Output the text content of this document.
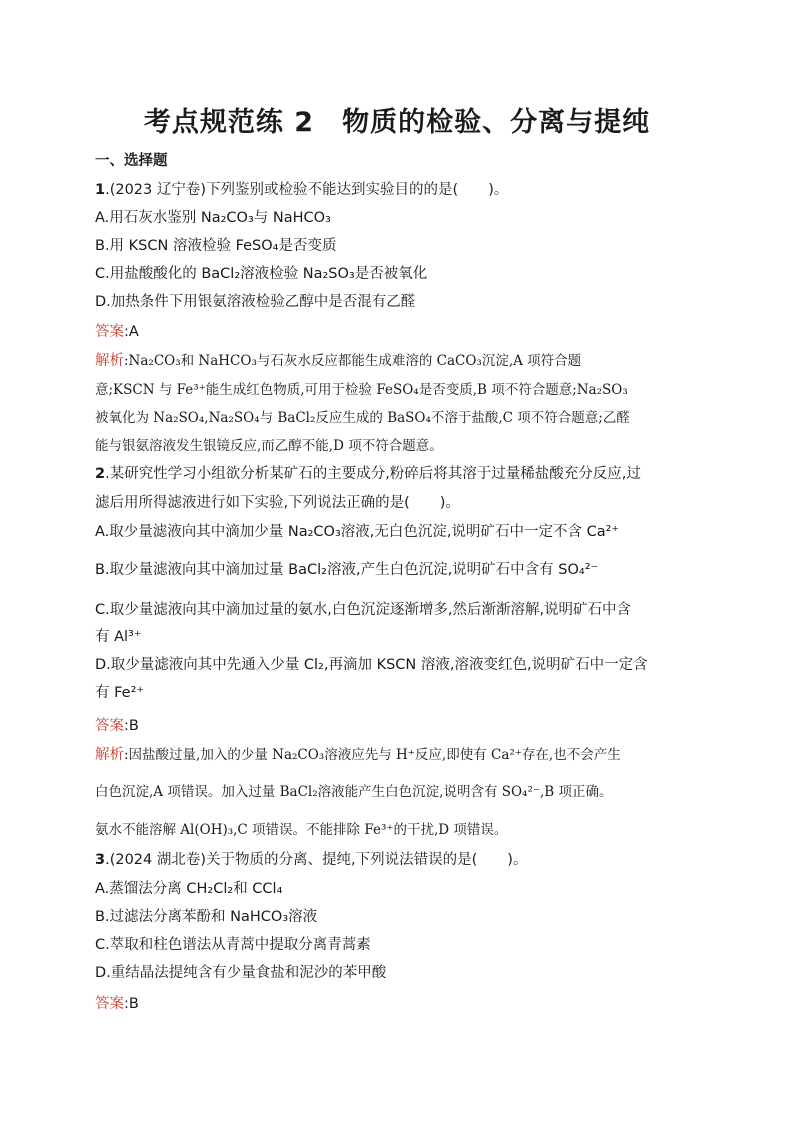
考点规范练 2 物质的检验、分离与提纯
一、选择题
1.(2023 辽宁卷)下列鉴别或检验不能达到实验目的的是( )。
A.用石灰水鉴别 Na₂CO₃与 NaHCO₃
B.用 KSCN 溶液检验 FeSO₄是否变质
C.用盐酸酸化的 BaCl₂溶液检验 Na₂SO₃是否被氧化
D.加热条件下用银氨溶液检验乙醇中是否混有乙醛
答案:A
解析:Na₂CO₃和 NaHCO₃与石灰水反应都能生成难溶的 CaCO₃沉淀,A 项符合题
意;KSCN 与 Fe³⁺能生成红色物质,可用于检验 FeSO₄是否变质,B 项不符合题意;Na₂SO₃
被氧化为 Na₂SO₄,Na₂SO₄与 BaCl₂反应生成的 BaSO₄不溶于盐酸,C 项不符合题意;乙醛
能与银氨溶液发生银镜反应,而乙醇不能,D 项不符合题意。
2.某研究性学习小组欲分析某矿石的主要成分,粉碎后将其溶于过量稀盐酸充分反应,过
滤后用所得滤液进行如下实验,下列说法正确的是( )。
A.取少量滤液向其中滴加少量 Na₂CO₃溶液,无白色沉淀,说明矿石中一定不含 Ca²⁺
B.取少量滤液向其中滴加过量 BaCl₂溶液,产生白色沉淀,说明矿石中含有 SO₄²⁻
C.取少量滤液向其中滴加过量的氨水,白色沉淀逐渐增多,然后渐渐溶解,说明矿石中含
有 Al³⁺
D.取少量滤液向其中先通入少量 Cl₂,再滴加 KSCN 溶液,溶液变红色,说明矿石中一定含
有 Fe²⁺
答案:B
解析:因盐酸过量,加入的少量 Na₂CO₃溶液应先与 H⁺反应,即使有 Ca²⁺存在,也不会产生
白色沉淀,A 项错误。加入过量 BaCl₂溶液能产生白色沉淀,说明含有 SO₄²⁻,B 项正确。
氨水不能溶解 Al(OH)₃,C 项错误。不能排除 Fe³⁺的干扰,D 项错误。
3.(2024 湖北卷)关于物质的分离、提纯,下列说法错误的是( )。
A.蒸馏法分离 CH₂Cl₂和 CCl₄
B.过滤法分离苯酚和 NaHCO₃溶液
C.萃取和柱色谱法从青蒿中提取分离青蒿素
D.重结晶法提纯含有少量食盐和泥沙的苯甲酸
答案:B
